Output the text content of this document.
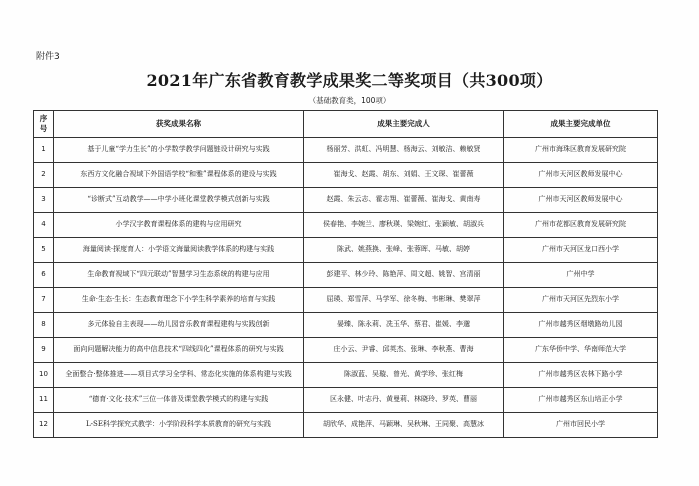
附件3
2021年广东省教育教学成果奖二等奖项目（共300项）
（基础教育类，100项）
序号	获奖成果名称	成果主要完成人	成果主要完成单位
1	基于儿童“学力生长”的小学数学教学问题链设计研究与实践	杨丽芳、洪虹、冯明慧、杨海云、刘敏洁、赖敏贤	广州市海珠区教育发展研究院
2	东西方文化融合视域下外国语学校“和雅”课程体系的建设与实践	崔海戈、赵霞、胡东、刘娟、王文琛、崔蕾薇	广州市天河区教师发展中心
3	“诊断式”互动教学——中学小班化课堂教学模式创新与实践	赵霞、朱云志、霍志翔、崔蕾薇、崔海戈、黄南寿	广州市天河区教师发展中心
4	小学汉字教育课程体系的建构与应用研究	侯春艳、李婉兰、廖秋瑛、梁婉红、张颖敏、胡淑兵	广州市花都区教育发展研究院
5	海量阅读·探度育人：小学语文海量阅读教学体系的构建与实践	陈武、姚燕换、张峰、张蓉晖、马敏、胡婷	广州市天河区龙口西小学
6	生命教育视域下“四元联动”智慧学习生态系统的构建与应用	彭建平、林少玲、陈艳萍、周文超、姚智、宫清丽	广州中学
7	生命·生态·生长：生态教育理念下小学生科学素养的培育与实践	屈瑛、郑雪萍、马学军、徐冬梅、韦彬琳、樊翠萍	广州市天河区先烈东小学
8	多元体验自主表现——幼儿园音乐教育课程建构与实践创新	晏臻、陈永莉、冼玉华、蔡君、崔媛、李邈	广州市越秀区烟墩路幼儿园
9	面向问题解决能力的高中信息技术“四线四化”课程体系的研究与实践	庄小云、尹睿、邱英杰、张琳、李秋燕、曹海	广东华侨中学、华南师范大学
10	全面整合·整体推进——项目式学习全学科、常态化实施的体系构建与实践	陈淑蓝、吴璇、曾光、黄学珍、张红梅	广州市越秀区农林下路小学
11	“德育·文化·技术”三位一体普及课堂教学模式的构建与实践	区永健、叶志丹、黄曼莉、林晓玲、罗英、曹丽	广州市越秀区东山培正小学
12	L-SE科学探究式教学：小学阶段科学本质教育的研究与实践	胡欣华、成艳萍、马颖琳、吴秋琳、王同聚、高慧冰	广州市回民小学
